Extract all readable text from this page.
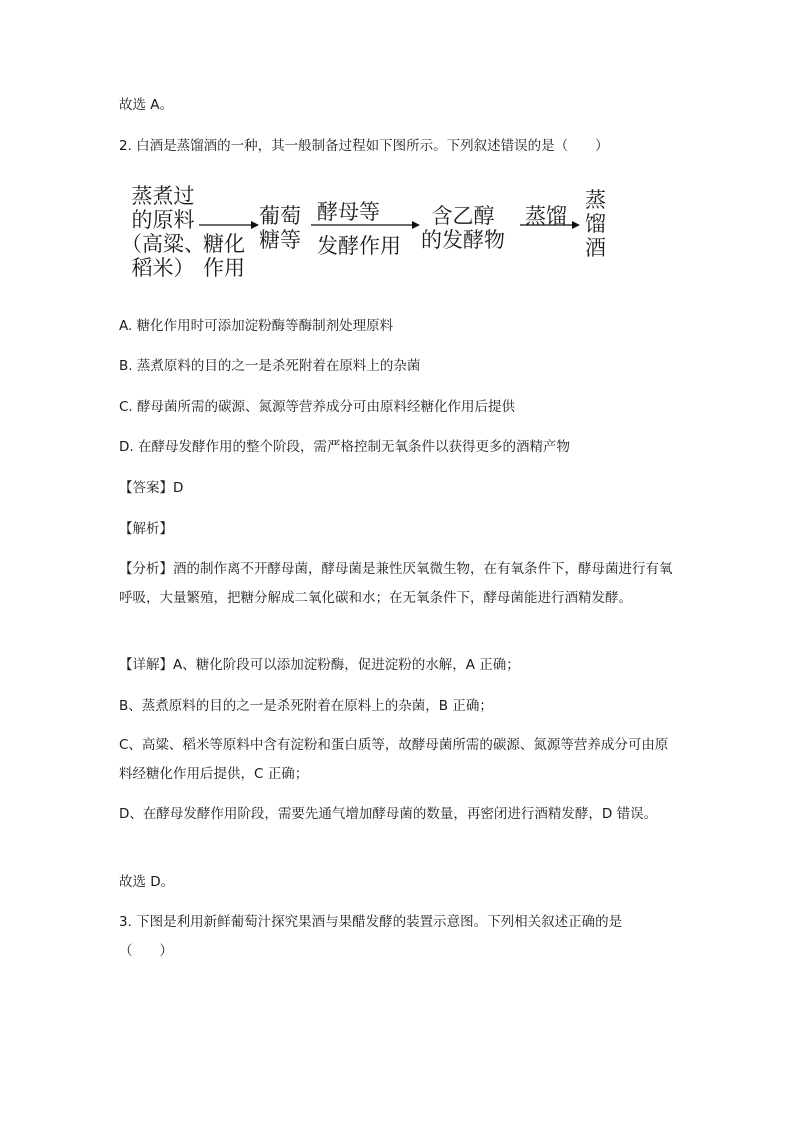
故选 A。
2. 白酒是蒸馏酒的一种，其一般制备过程如下图所示。下列叙述错误的是（　　）
蒸煮过
的原料
（高粱、
稻米）
糖化
作用
葡萄
糖等
酵母等
发酵作用
含乙醇
的发酵物
蒸馏
蒸
馏
酒
A. 糖化作用时可添加淀粉酶等酶制剂处理原料
B. 蒸煮原料的目的之一是杀死附着在原料上的杂菌
C. 酵母菌所需的碳源、氮源等营养成分可由原料经糖化作用后提供
D. 在酵母发酵作用的整个阶段，需严格控制无氧条件以获得更多的酒精产物
【答案】D
【解析】
【分析】酒的制作离不开酵母菌，酵母菌是兼性厌氧微生物，在有氧条件下，酵母菌进行有氧呼吸，大量繁殖，把糖分解成二氧化碳和水；在无氧条件下，酵母菌能进行酒精发酵。
【详解】A、糖化阶段可以添加淀粉酶，促进淀粉的水解，A 正确；
B、蒸煮原料的目的之一是杀死附着在原料上的杂菌，B 正确；
C、高粱、稻米等原料中含有淀粉和蛋白质等，故酵母菌所需的碳源、氮源等营养成分可由原料经糖化作用后提供，C 正确；
D、在酵母发酵作用阶段，需要先通气增加酵母菌的数量，再密闭进行酒精发酵，D 错误。
故选 D。
3. 下图是利用新鲜葡萄汁探究果酒与果醋发酵的装置示意图。下列相关叙述正确的是
（　　）
